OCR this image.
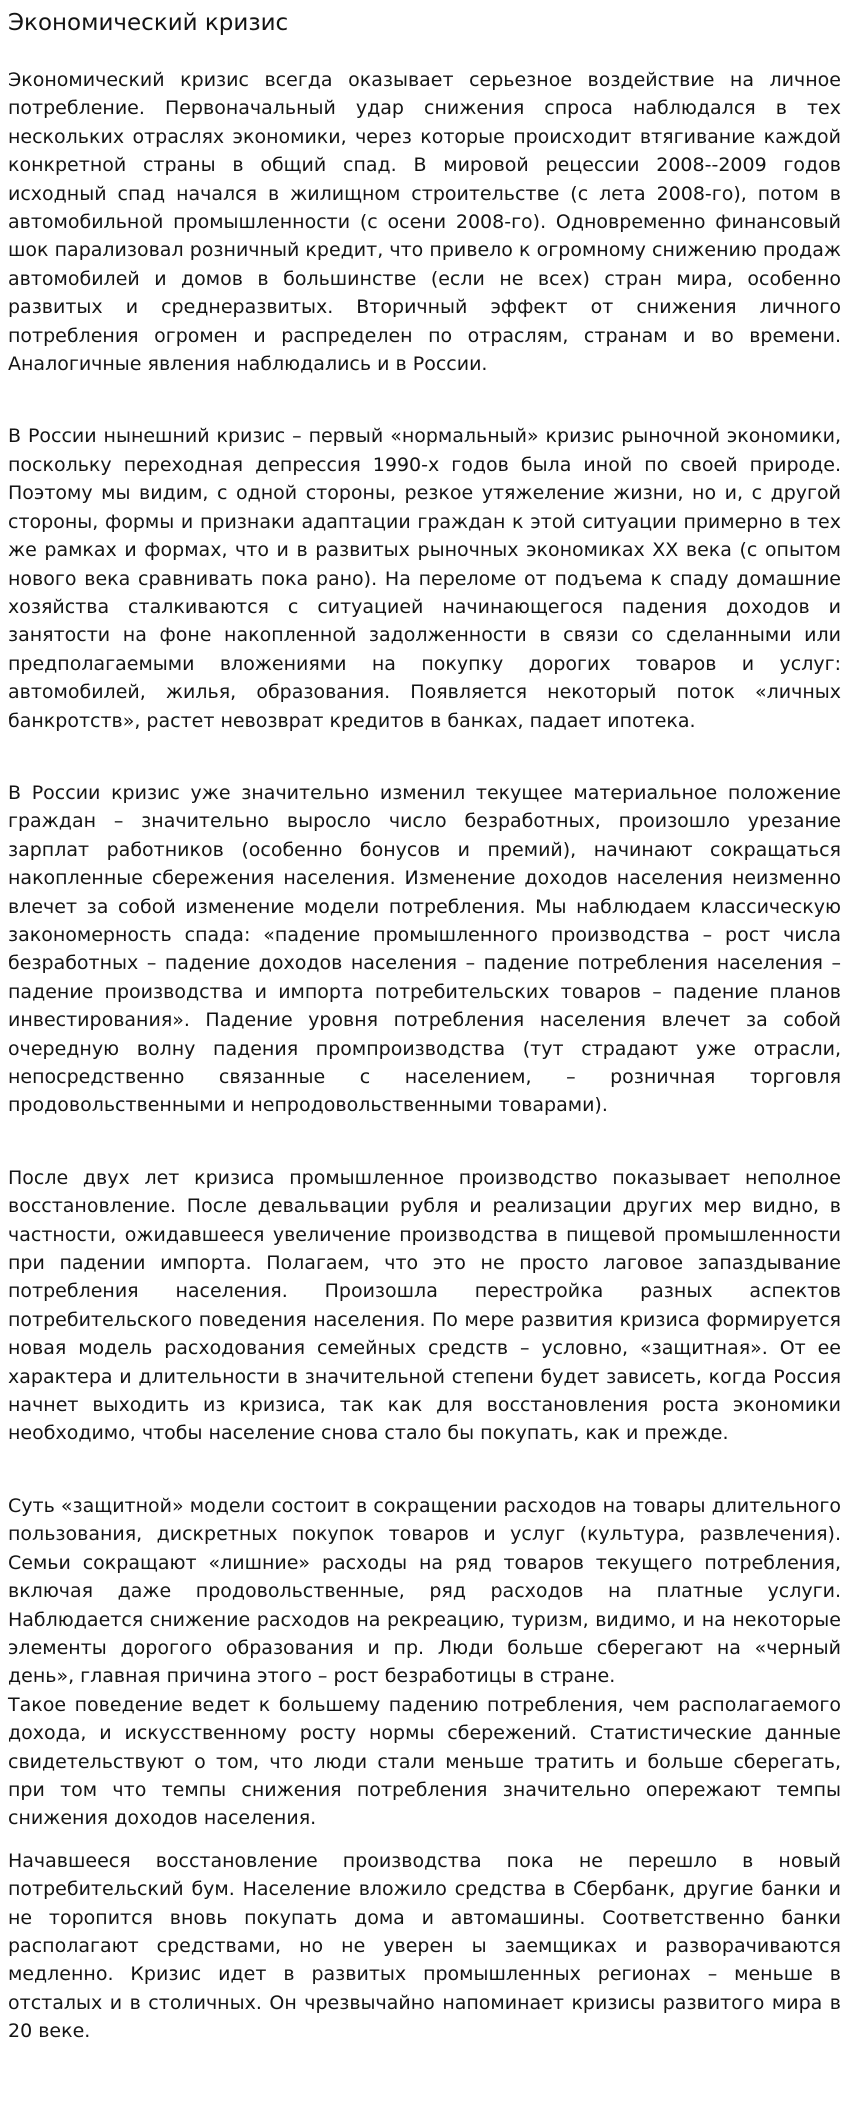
Экономический кризис

Экономический кризис всегда оказывает серьезное воздействие на личное потребление. Первоначальный удар снижения спроса наблюдался в тех нескольких отраслях экономики, через которые происходит втягивание каждой конкретной страны в общий спад. В мировой рецессии 2008--2009 годов исходный спад начался в жилищном строительстве (с лета 2008-го), потом в автомобильной промышленности (с осени 2008-го). Одновременно финансовый шок парализовал розничный кредит, что привело к огромному снижению продаж автомобилей и домов в большинстве (если не всех) стран мира, особенно развитых и среднеразвитых. Вторичный эффект от снижения личного потребления огромен и распределен по отраслям, странам и во времени. Аналогичные явления наблюдались и в России.

В России нынешний кризис – первый «нормальный» кризис рыночной экономики, поскольку переходная депрессия 1990-х годов была иной по своей природе. Поэтому мы видим, с одной стороны, резкое утяжеление жизни, но и, с другой стороны, формы и признаки адаптации граждан к этой ситуации примерно в тех же рамках и формах, что и в развитых рыночных экономиках XX века (с опытом нового века сравнивать пока рано). На переломе от подъема к спаду домашние хозяйства сталкиваются с ситуацией начинающегося падения доходов и занятости на фоне накопленной задолженности в связи со сделанными или предполагаемыми вложениями на покупку дорогих товаров и услуг: автомобилей, жилья, образования. Появляется некоторый поток «личных банкротств», растет невозврат кредитов в банках, падает ипотека.

В России кризис уже значительно изменил текущее материальное положение граждан – значительно выросло число безработных, произошло урезание зарплат работников (особенно бонусов и премий), начинают сокращаться накопленные сбережения населения. Изменение доходов населения неизменно влечет за собой изменение модели потребления. Мы наблюдаем классическую закономерность спада: «падение промышленного производства – рост числа безработных – падение доходов населения – падение потребления населения – падение производства и импорта потребительских товаров – падение планов инвестирования». Падение уровня потребления населения влечет за собой очередную волну падения промпроизводства (тут страдают уже отрасли, непосредственно связанные с населением, – розничная торговля продовольственными и непродовольственными товарами).

После двух лет кризиса промышленное производство показывает неполное восстановление. После девальвации рубля и реализации других мер видно, в частности, ожидавшееся увеличение производства в пищевой промышленности при падении импорта. Полагаем, что это не просто лаговое запаздывание потребления населения. Произошла перестройка разных аспектов потребительского поведения населения. По мере развития кризиса формируется новая модель расходования семейных средств – условно, «защитная». От ее характера и длительности в значительной степени будет зависеть, когда Россия начнет выходить из кризиса, так как для восстановления роста экономики необходимо, чтобы население снова стало бы покупать, как и прежде.

Суть «защитной» модели состоит в сокращении расходов на товары длительного пользования, дискретных покупок товаров и услуг (культура, развлечения). Семьи сокращают «лишние» расходы на ряд товаров текущего потребления, включая даже продовольственные, ряд расходов на платные услуги. Наблюдается снижение расходов на рекреацию, туризм, видимо, и на некоторые элементы дорогого образования и пр. Люди больше сберегают на «черный день», главная причина этого – рост безработицы в стране.

Такое поведение ведет к большему падению потребления, чем располагаемого дохода, и искусственному росту нормы сбережений. Статистические данные свидетельствуют о том, что люди стали меньше тратить и больше сберегать, при том что темпы снижения потребления значительно опережают темпы снижения доходов населения.

Начавшееся восстановление производства пока не перешло в новый потребительский бум. Население вложило средства в Сбербанк, другие банки и не торопится вновь покупать дома и автомашины. Соответственно банки располагают средствами, но не уверен ы заемщиках и разворачиваются медленно. Кризис идет в развитых промышленных регионах – меньше в отсталых и в столичных. Он чрезвычайно напоминает кризисы развитого мира в 20 веке.
